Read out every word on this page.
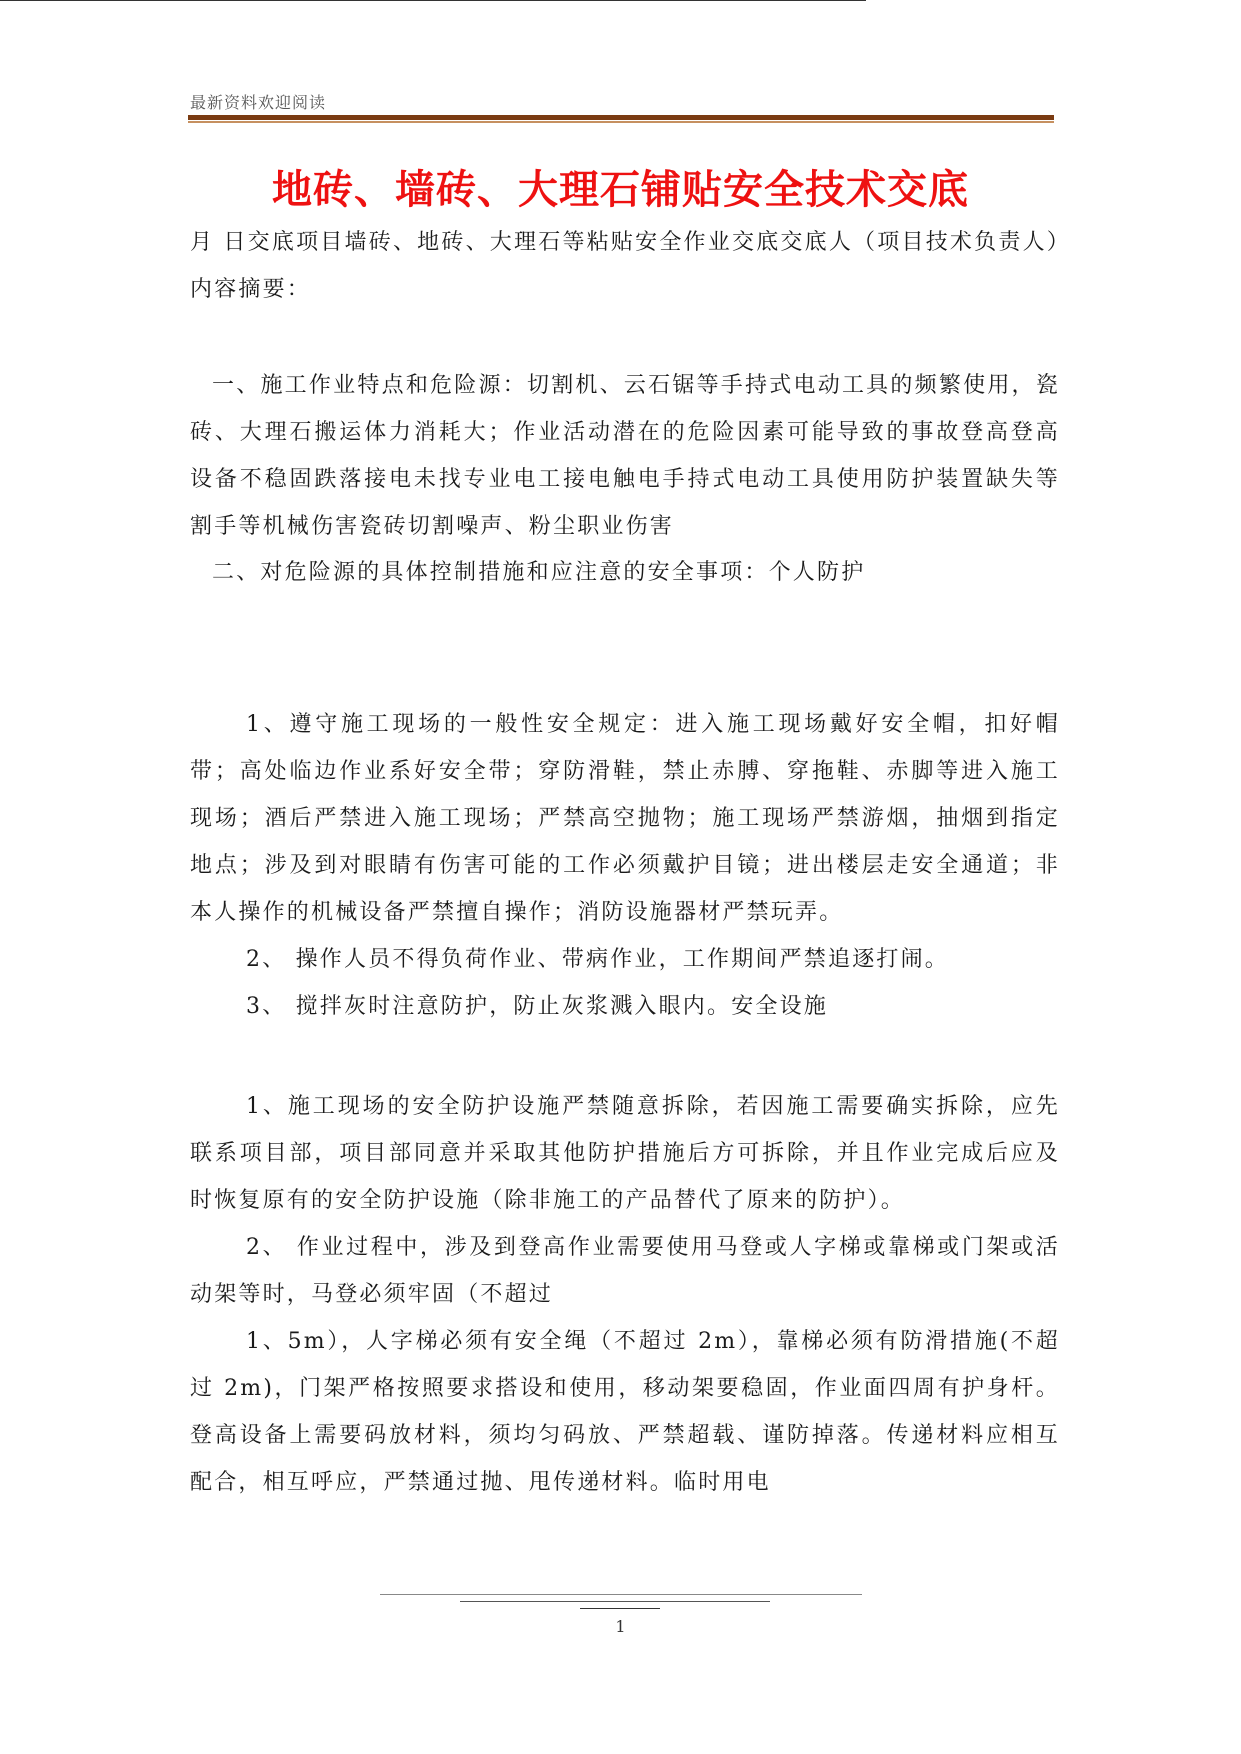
最新资料欢迎阅读
地砖、墙砖、大理石铺贴安全技术交底
月 日交底项目墙砖、地砖、大理石等粘贴安全作业交底交底人（项目技术负责人）内容摘要：
一、施工作业特点和危险源：切割机、云石锯等手持式电动工具的频繁使用，瓷砖、大理石搬运体力消耗大；作业活动潜在的危险因素可能导致的事故登高登高设备不稳固跌落接电未找专业电工接电触电手持式电动工具使用防护装置缺失等割手等机械伤害瓷砖切割噪声、粉尘职业伤害
二、对危险源的具体控制措施和应注意的安全事项：个人防护
1、遵守施工现场的一般性安全规定：进入施工现场戴好安全帽，扣好帽带；高处临边作业系好安全带；穿防滑鞋，禁止赤膊、穿拖鞋、赤脚等进入施工现场；酒后严禁进入施工现场；严禁高空抛物；施工现场严禁游烟，抽烟到指定地点；涉及到对眼睛有伤害可能的工作必须戴护目镜；进出楼层走安全通道；非本人操作的机械设备严禁擅自操作；消防设施器材严禁玩弄。
2、 操作人员不得负荷作业、带病作业，工作期间严禁追逐打闹。
3、 搅拌灰时注意防护，防止灰浆溅入眼内。安全设施
1、施工现场的安全防护设施严禁随意拆除，若因施工需要确实拆除，应先联系项目部，项目部同意并采取其他防护措施后方可拆除，并且作业完成后应及时恢复原有的安全防护设施（除非施工的产品替代了原来的防护）。
2、 作业过程中，涉及到登高作业需要使用马登或人字梯或靠梯或门架或活动架等时，马登必须牢固（不超过
1、5m），人字梯必须有安全绳（不超过 2m），靠梯必须有防滑措施(不超过 2m)，门架严格按照要求搭设和使用，移动架要稳固，作业面四周有护身杆。登高设备上需要码放材料，须均匀码放、严禁超载、谨防掉落。传递材料应相互配合，相互呼应，严禁通过抛、甩传递材料。临时用电
1
